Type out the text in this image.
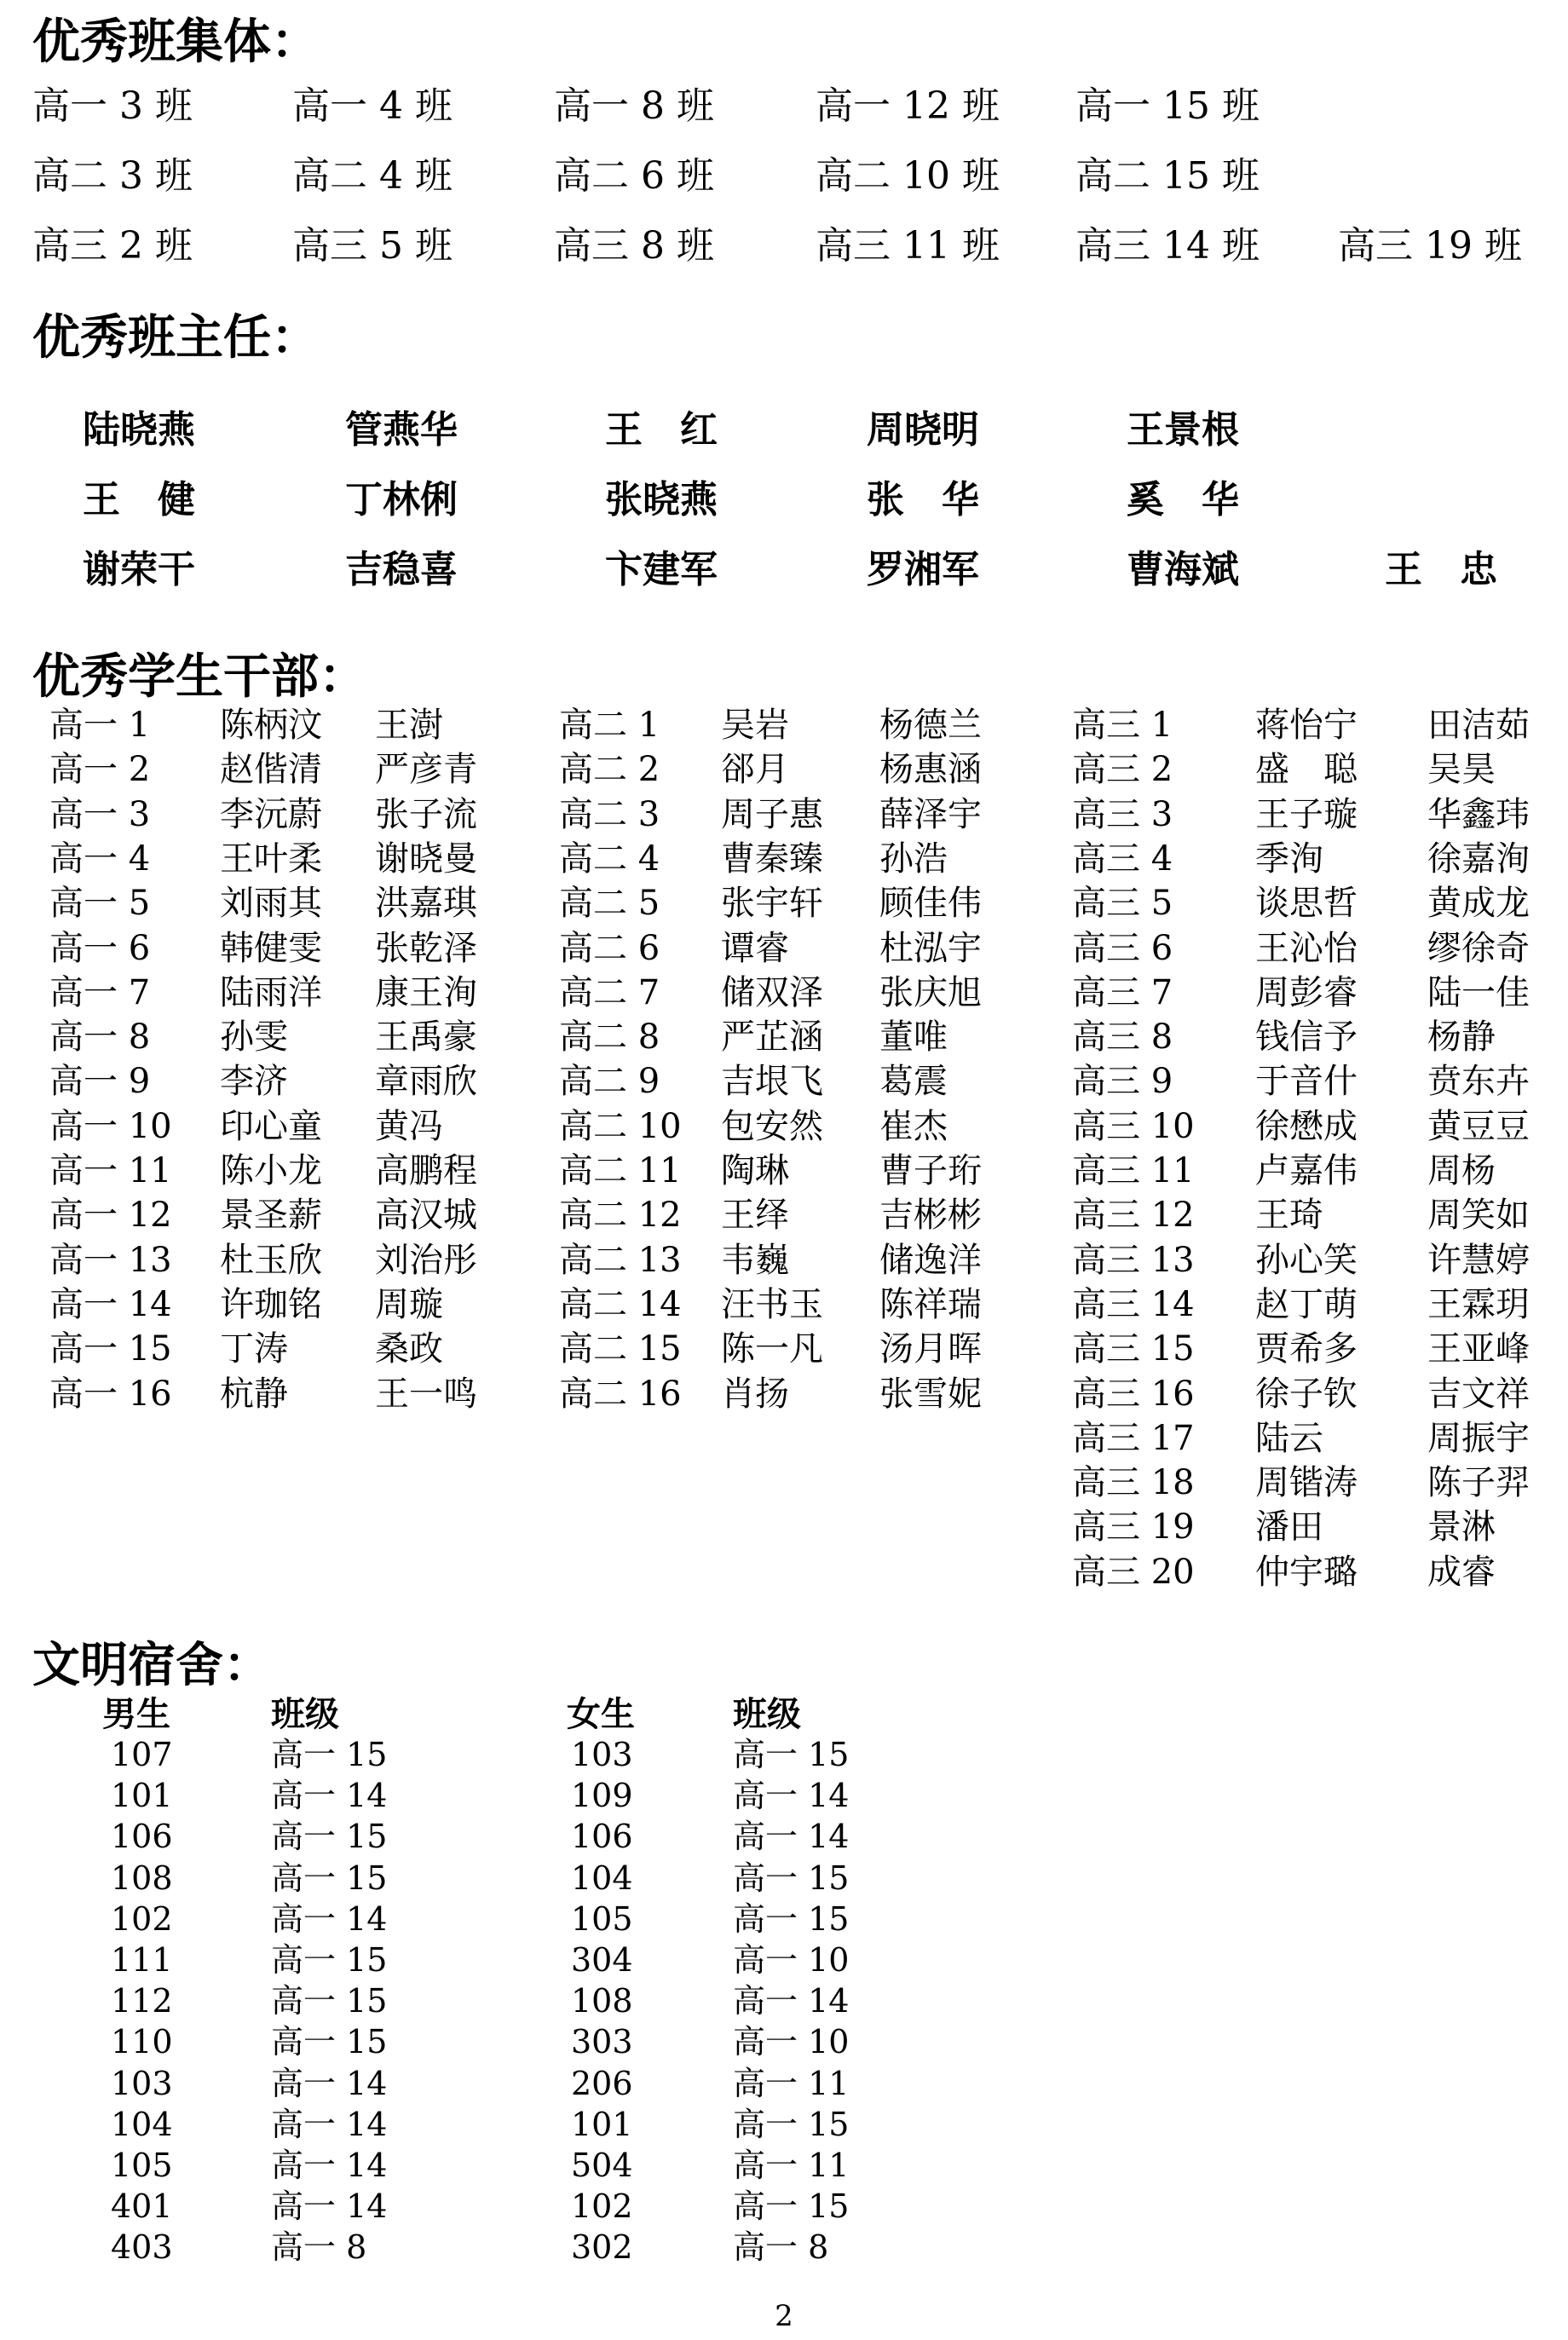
优秀班集体：
高一 3 班	高一 4 班	高一 8 班	高一 12 班 高一 15 班
高二 3 班	高二 4 班	高二 6 班	高二 10 班 高二 15 班
高三 2 班	高三 5 班	高三 8 班	高三 11 班 高三 14 班 高三 19 班
优秀班主任：
陆晓燕	管燕华	王　红	周晓明	王景根
王　健	丁林俐	张晓燕	张　华	奚　华
谢荣干	吉稳喜	卞建军	罗湘军	曹海斌	王　忠
优秀学生干部：
高一 1 陈柄汶 王澍
高一 2 赵偕清 严彦青
高一 3 李沅蔚 张子流
高一 4 王叶柔 谢晓曼
高一 5 刘雨其 洪嘉琪
高一 6 韩健雯 张乾泽
高一 7 陆雨洋 康王洵
高一 8 孙雯	王禹豪
高一 9 李济	章雨欣
高一 10 印心童 黄冯
高一 11 陈小龙 高鹏程
高一 12 景圣薪 高汉城
高一 13 杜玉欣 刘治彤
高一 14 许珈铭 周璇
高一 15 丁涛	桑政
高一 16 杭静	王一鸣
高二 1 吴岩	杨德兰
高二 2 郤月	杨惠涵
高二 3 周子惠 薛泽宇
高二 4 曹秦臻 孙浩
高二 5 张宇轩 顾佳伟
高二 6 谭睿	杜泓宇
高二 7 储双泽 张庆旭
高二 8 严芷涵 董唯
高二 9 吉垠飞 葛震
高二 10 包安然 崔杰
高二 11 陶琳	曹子珩
高二 12 王绎	吉彬彬
高二 13 韦巍	储逸洋
高二 14 汪书玉 陈祥瑞
高二 15 陈一凡 汤月晖
高二 16 肖扬	张雪妮
高三 1 蒋怡宁 田洁茹
高三 2 盛　聪 吴昊
高三 3 王子璇 华鑫玮
高三 4 季洵	徐嘉洵
高三 5 谈思哲 黄成龙
高三 6 王沁怡 缪徐奇
高三 7 周彭睿 陆一佳
高三 8 钱信予 杨静
高三 9 于音什 贲东卉
高三 10 徐懋成 黄豆豆
高三 11 卢嘉伟 周杨
高三 12 王琦	周笑如
高三 13 孙心笑 许慧婷
高三 14 赵丁萌 王霖玥
高三 15 贾希多 王亚峰
高三 16 徐子钦 吉文祥
高三 17 陆云	周振宇
高三 18 周锴涛 陈子羿
高三 19 潘田	景淋
高三 20 仲宇璐 成睿
文明宿舍：
男生	班级	女生	班级
107	高一 15	103	高一 15
101	高一 14	109	高一 14
106	高一 15	106	高一 14
108	高一 15	104	高一 15
102	高一 14	105	高一 15
111	高一 15	304	高一 10
112	高一 15	108	高一 14
110	高一 15	303	高一 10
103	高一 14	206	高一 11
104	高一 14	101	高一 15
105	高一 14	504	高一 11
401	高一 14	102	高一 15
403	高一 8	302	高一 8
2
